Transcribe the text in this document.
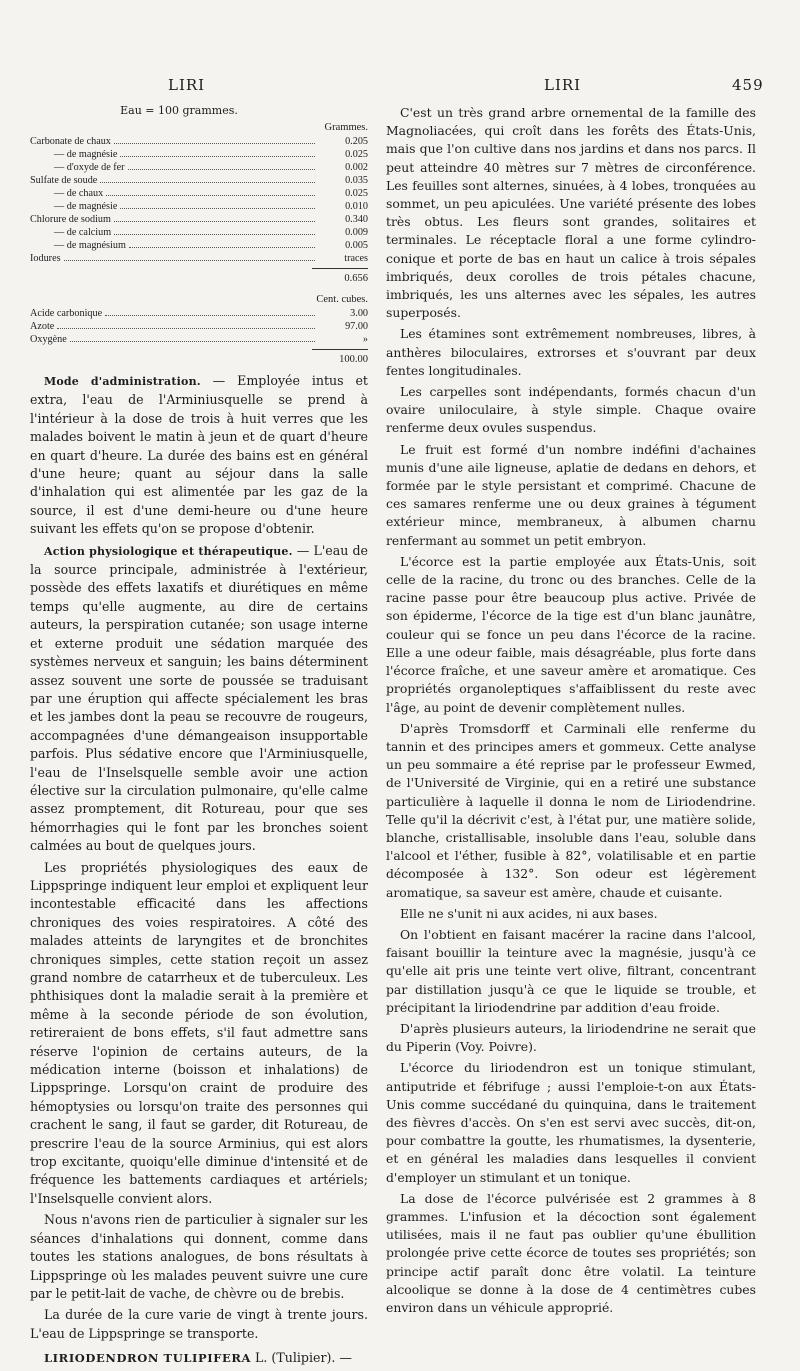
LIRI	LIRI	459
Eau = 100 grammes.
Grammes.
Carbonate de chaux	0.205
— de magnésie	0.025
— d'oxyde de fer	0.002
Sulfate de soude	0.035
— de chaux	0.025
— de magnésie	0.010
Chlorure de sodium	0.340
— de calcium	0.009
— de magnésium	0.005
Iodures	traces
0.656
Cent. cubes.
Acide carbonique	3.00
Azote	97.00
Oxygène	»
100.00

Mode d'administration. — Employée intus et extra, l'eau de l'Arminiusquelle se prend à l'intérieur à la dose de trois à huit verres que les malades boivent le matin à jeun et de quart d'heure en quart d'heure. La durée des bains est en général d'une heure; quant au séjour dans la salle d'inhalation qui est alimentée par les gaz de la source, il est d'une demi-heure ou d'une heure suivant les effets qu'on se propose d'obtenir.

Action physiologique et thérapeutique. — L'eau de la source principale, administrée à l'extérieur, possède des effets laxatifs et diurétiques en même temps qu'elle augmente, au dire de certains auteurs, la perspiration cutanée; son usage interne et externe produit une sédation marquée des systèmes nerveux et sanguin; les bains déterminent assez souvent une sorte de poussée se traduisant par une éruption qui affecte spécialement les bras et les jambes dont la peau se recouvre de rougeurs, accompagnées d'une démangeaison insupportable parfois. Plus sédative encore que l'Arminiusquelle, l'eau de l'Inselsquelle semble avoir une action élective sur la circulation pulmonaire, qu'elle calme assez promptement, dit Rotureau, pour que ses hémorrhagies qui le font par les bronches soient calmées au bout de quelques jours.

Les propriétés physiologiques des eaux de Lippspringe indiquent leur emploi et expliquent leur incontestable efficacité dans les affections chroniques des voies respiratoires. A côté des malades atteints de laryngites et de bronchites chroniques simples, cette station reçoit un assez grand nombre de catarrheux et de tuberculeux. Les phthisiques dont la maladie serait à la première et même à la seconde période de son évolution, retireraient de bons effets, s'il faut admettre sans réserve l'opinion de certains auteurs, de la médication interne (boisson et inhalations) de Lippspringe. Lorsqu'on craint de produire des hémoptysies ou lorsqu'on traite des personnes qui crachent le sang, il faut se garder, dit Rotureau, de prescrire l'eau de la source Arminius, qui est alors trop excitante, quoiqu'elle diminue d'intensité et de fréquence les battements cardiaques et artériels; l'Inselsquelle convient alors.

Nous n'avons rien de particulier à signaler sur les séances d'inhalations qui donnent, comme dans toutes les stations analogues, de bons résultats à Lippspringe où les malades peuvent suivre une cure par le petit-lait de vache, de chèvre ou de brebis.

La durée de la cure varie de vingt à trente jours. L'eau de Lippspringe se transporte.

LIRIODENDRON TULIPIFERA L. (Tulipier). —

C'est un très grand arbre ornemental de la famille des Magnoliacées, qui croît dans les forêts des États-Unis, mais que l'on cultive dans nos jardins et dans nos parcs. Il peut atteindre 40 mètres sur 7 mètres de circonférence. Les feuilles sont alternes, sinuées, à 4 lobes, tronquées au sommet, un peu apiculées. Une variété présente des lobes très obtus. Les fleurs sont grandes, solitaires et terminales. Le réceptacle floral a une forme cylindro-conique et porte de bas en haut un calice à trois sépales imbriqués, deux corolles de trois pétales chacune, imbriqués, les uns alternes avec les sépales, les autres superposés.

Les étamines sont extrêmement nombreuses, libres, à anthères biloculaires, extrorses et s'ouvrant par deux fentes longitudinales.

Les carpelles sont indépendants, formés chacun d'un ovaire uniloculaire, à style simple. Chaque ovaire renferme deux ovules suspendus.

Le fruit est formé d'un nombre indéfini d'achaines munis d'une aile ligneuse, aplatie de dedans en dehors, et formée par le style persistant et comprimé. Chacune de ces samares renferme une ou deux graines à tégument extérieur mince, membraneux, à albumen charnu renfermant au sommet un petit embryon.

L'écorce est la partie employée aux États-Unis, soit celle de la racine, du tronc ou des branches. Celle de la racine passe pour être beaucoup plus active. Privée de son épiderme, l'écorce de la tige est d'un blanc jaunâtre, couleur qui se fonce un peu dans l'écorce de la racine. Elle a une odeur faible, mais désagréable, plus forte dans l'écorce fraîche, et une saveur amère et aromatique. Ces propriétés organoleptiques s'affaiblissent du reste avec l'âge, au point de devenir complètement nulles.

D'après Tromsdorff et Carminali elle renferme du tannin et des principes amers et gommeux. Cette analyse un peu sommaire a été reprise par le professeur Ewmed, de l'Université de Virginie, qui en a retiré une substance particulière à laquelle il donna le nom de Liriodendrine. Telle qu'il la décrivit c'est, à l'état pur, une matière solide, blanche, cristallisable, insoluble dans l'eau, soluble dans l'alcool et l'éther, fusible à 82°, volatilisable et en partie décomposée à 132°. Son odeur est légèrement aromatique, sa saveur est amère, chaude et cuisante.

Elle ne s'unit ni aux acides, ni aux bases.

On l'obtient en faisant macérer la racine dans l'alcool, faisant bouillir la teinture avec la magnésie, jusqu'à ce qu'elle ait pris une teinte vert olive, filtrant, concentrant par distillation jusqu'à ce que le liquide se trouble, et précipitant la liriodendrine par addition d'eau froide.

D'après plusieurs auteurs, la liriodendrine ne serait que du Piperin (Voy. Poivre).

L'écorce du liriodendron est un tonique stimulant, antiputride et fébrifuge ; aussi l'emploie-t-on aux États-Unis comme succédané du quinquina, dans le traitement des fièvres d'accès. On s'en est servi avec succès, dit-on, pour combattre la goutte, les rhumatismes, la dysenterie, et en général les maladies dans lesquelles il convient d'employer un stimulant et un tonique.

La dose de l'écorce pulvérisée est 2 grammes à 8 grammes. L'infusion et la décoction sont également utilisées, mais il ne faut pas oublier qu'une ébullition prolongée prive cette écorce de toutes ses propriétés; son principe actif paraît donc être volatil. La teinture alcoolique se donne à la dose de 4 centimètres cubes environ dans un véhicule approprié.
